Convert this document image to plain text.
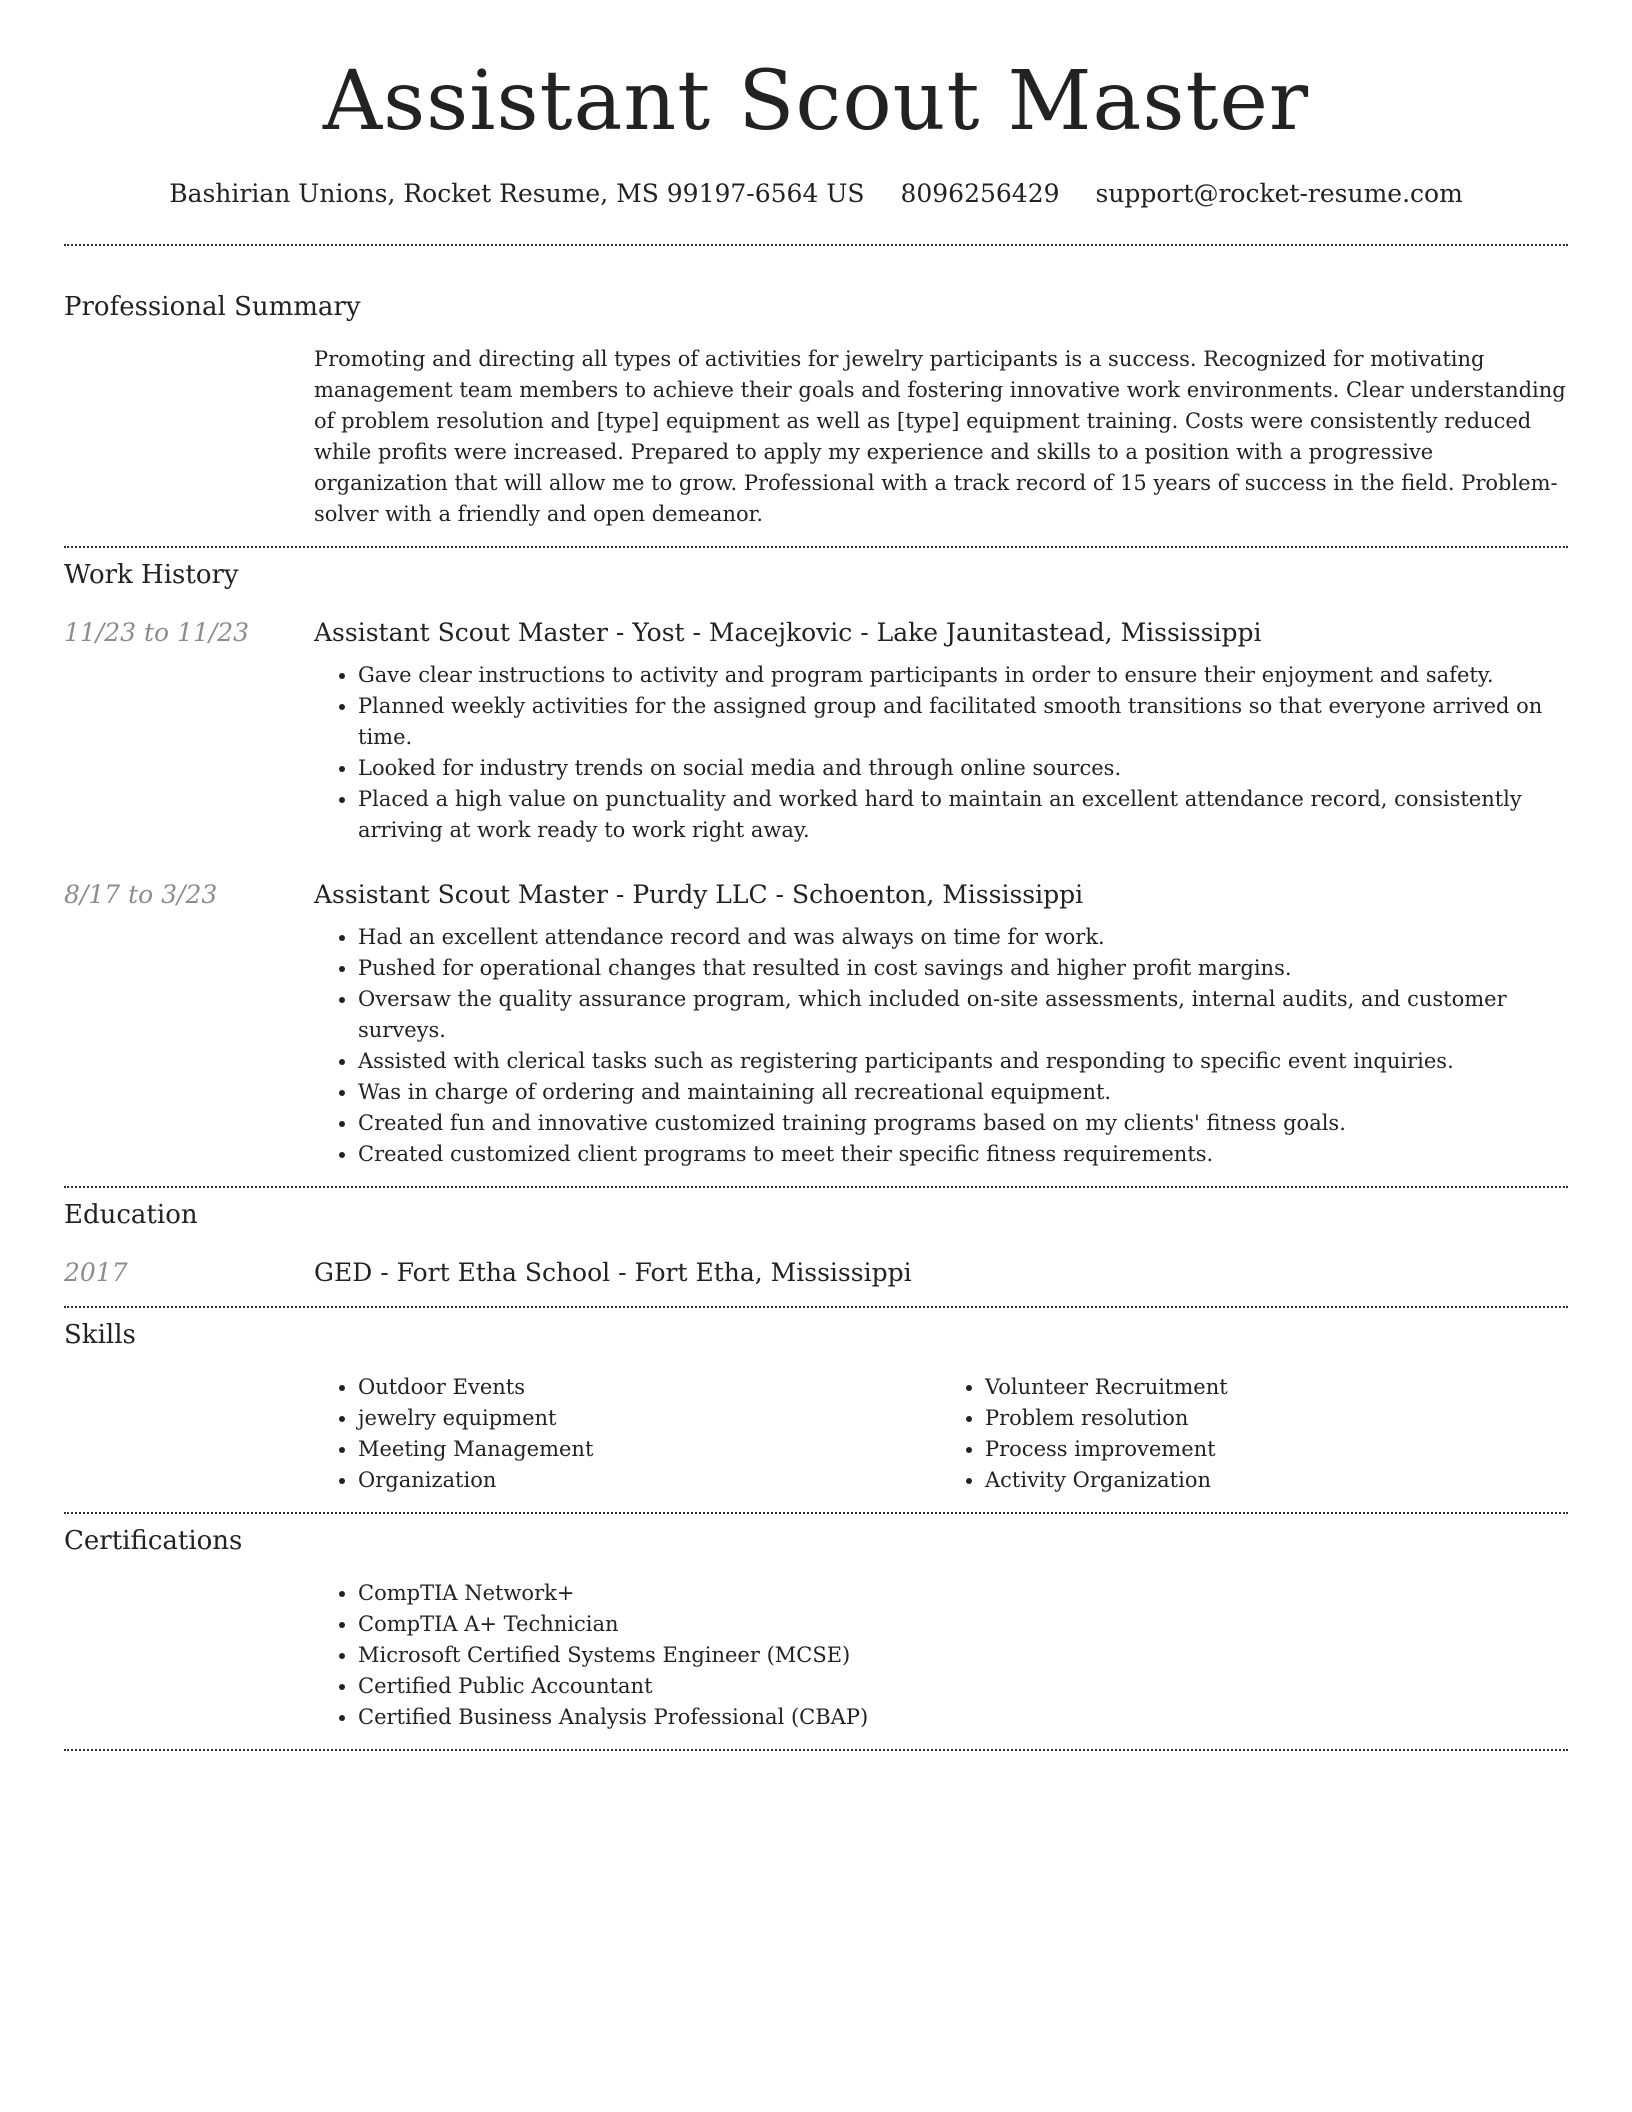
Assistant Scout Master
Bashirian Unions, Rocket Resume, MS 99197-6564 US 8096256429 support@rocket-resume.com
Professional Summary

Promoting and directing all types of activities for jewelry participants is a success. Recognized for motivating management team members to achieve their goals and fostering innovative work environments. Clear understanding of problem resolution and [type] equipment as well as [type] equipment training. Costs were consistently reduced while profits were increased. Prepared to apply my experience and skills to a position with a progressive organization that will allow me to grow. Professional with a track record of 15 years of success in the field. Problem-solver with a friendly and open demeanor.

Work History
11/23 to 11/23	Assistant Scout Master - Yost - Macejkovic - Lake Jaunitastead, Mississippi
• Gave clear instructions to activity and program participants in order to ensure their enjoyment and safety.
• Planned weekly activities for the assigned group and facilitated smooth transitions so that everyone arrived on time.
• Looked for industry trends on social media and through online sources.
• Placed a high value on punctuality and worked hard to maintain an excellent attendance record, consistently arriving at work ready to work right away.
8/17 to 3/23	Assistant Scout Master - Purdy LLC - Schoenton, Mississippi
• Had an excellent attendance record and was always on time for work.
• Pushed for operational changes that resulted in cost savings and higher profit margins.
• Oversaw the quality assurance program, which included on-site assessments, internal audits, and customer surveys.
• Assisted with clerical tasks such as registering participants and responding to specific event inquiries.
• Was in charge of ordering and maintaining all recreational equipment.
• Created fun and innovative customized training programs based on my clients' fitness goals.
• Created customized client programs to meet their specific fitness requirements.
Education
2017	GED - Fort Etha School - Fort Etha, Mississippi
Skills
• Outdoor Events
• jewelry equipment
• Meeting Management
• Organization
• Volunteer Recruitment
• Problem resolution
• Process improvement
• Activity Organization
Certifications
• CompTIA Network+
• CompTIA A+ Technician
• Microsoft Certified Systems Engineer (MCSE)
• Certified Public Accountant
• Certified Business Analysis Professional (CBAP)
